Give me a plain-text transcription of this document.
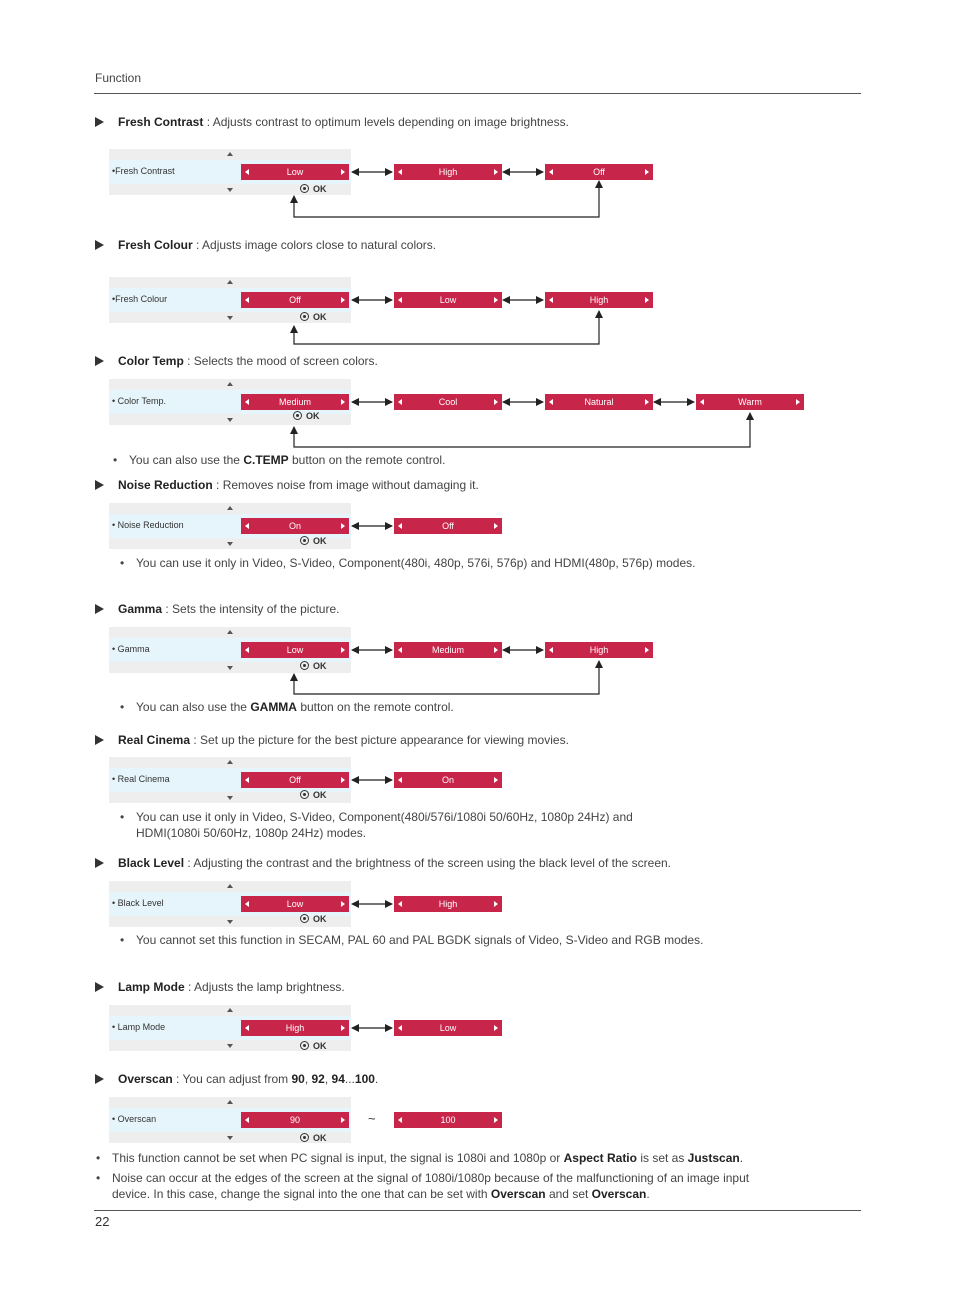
Function
Fresh Contrast : Adjusts contrast to optimum levels depending on image brightness.
•Fresh Contrast
OK
Low	High	Off
Fresh Colour : Adjusts image colors close to natural colors.
•Fresh Colour
OK
Off	Low	High
Color Temp : Selects the mood of screen colors.
• Color Temp.
OK
Medium	Cool	Natural	Warm
• You can also use the C.TEMP button on the remote control.
Noise Reduction : Removes noise from image without damaging it.
• Noise Reduction
OK
On	Off
• You can use it only in Video, S-Video, Component(480i, 480p, 576i, 576p) and HDMI(480p, 576p) modes.
Gamma : Sets the intensity of the picture.
• Gamma
OK
Low	Medium	High
• You can also use the GAMMA button on the remote control.
Real Cinema : Set up the picture for the best picture appearance for viewing movies.
• Real Cinema
OK
Off	On
• You can use it only in Video, S-Video, Component(480i/576i/1080i 50/60Hz, 1080p 24Hz) and
HDMI(1080i 50/60Hz, 1080p 24Hz) modes.
Black Level : Adjusting the contrast and the brightness of the screen using the black level of the screen.
• Black Level
OK
Low	High
• You cannot set this function in SECAM, PAL 60 and PAL BGDK signals of Video, S-Video and RGB modes.
Lamp Mode : Adjusts the lamp brightness.
• Lamp Mode
OK
High	Low
Overscan : You can adjust from 90, 92, 94...100.
• Overscan
OK
90	~	100
• This function cannot be set when PC signal is input, the signal is 1080i and 1080p or Aspect Ratio is set as Justscan.
• Noise can occur at the edges of the screen at the signal of 1080i/1080p because of the malfunctioning of an image input
device. In this case, change the signal into the one that can be set with Overscan and set Overscan.
22
